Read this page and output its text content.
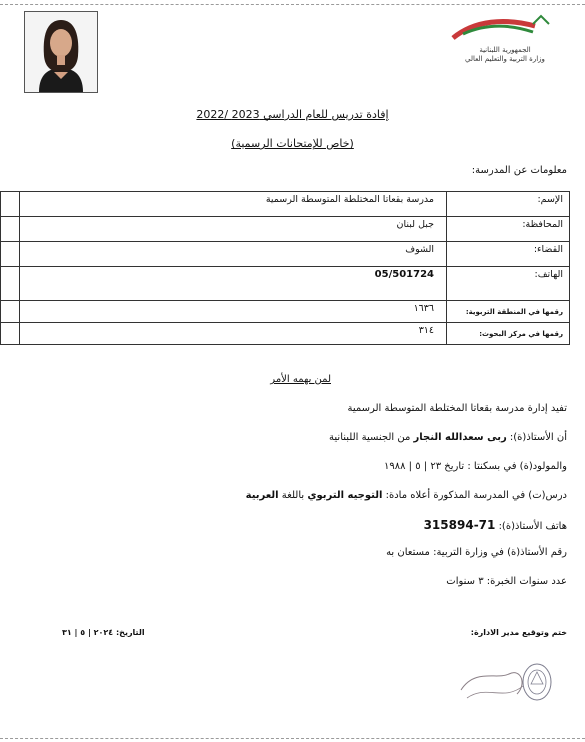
الجمهورية اللبنانية
وزارة التربية والتعليم العالي
إفادة تدريس للعام الدراسي 2023 /2022
(خاص للإمتحانات الرسمية)
معلومات عن المدرسة:
الإسم:	مدرسة بقعاتا المختلطة المتوسطة الرسمية	
المحافظة:	جبل لبنان	
القضاء:	الشوف	
الهاتف:	05/501724	
رقمها في المنطقة التربوية:	١٦٣٦	
رقمها في مركز البحوث:	٣١٤	
لمن يهمه الأمر
تفيد إدارة مدرسة بقعاتا المختلطة المتوسطة الرسمية
أن الأستاذ(ة): ربى سعدالله النجار من الجنسية اللبنانية
والمولود(ة) في بسكنتا : تاريخ ٢٣ | ٥ | ١٩٨٨
درس(ت) في المدرسة المذكورة أعلاه مادة: التوجيه التربوي باللغة العربية
هاتف الأستاذ(ة): 71-315894
رقم الأستاذ(ة) في وزارة التربية: مستعان به
عدد سنوات الخبرة: ٣ سنوات
ختم وتوقيع مدير الادارة:
التاريخ: ٢٠٢٤ | ٥ | ٣١
